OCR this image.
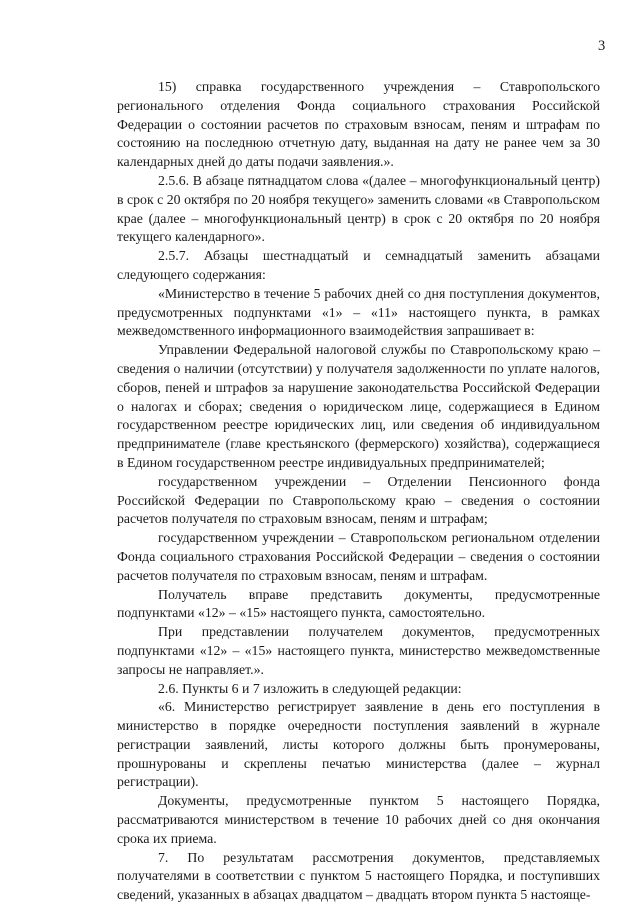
3

15) справка государственного учреждения – Ставропольского регионального отделения Фонда социального страхования Российской Федерации о состоянии расчетов по страховым взносам, пеням и штрафам по состоянию на последнюю отчетную дату, выданная на дату не ранее чем за 30 календарных дней до даты подачи заявления.».

2.5.6. В абзаце пятнадцатом слова «(далее – многофункциональный центр) в срок с 20 октября по 20 ноября текущего» заменить словами «в Ставропольском крае (далее – многофункциональный центр) в срок с 20 октября по 20 ноября текущего календарного».

2.5.7. Абзацы шестнадцатый и семнадцатый заменить абзацами следующего содержания:

«Министерство в течение 5 рабочих дней со дня поступления документов, предусмотренных подпунктами «1» – «11» настоящего пункта, в рамках межведомственного информационного взаимодействия запрашивает в:

Управлении Федеральной налоговой службы по Ставропольскому краю – сведения о наличии (отсутствии) у получателя задолженности по уплате налогов, сборов, пеней и штрафов за нарушение законодательства Российской Федерации о налогах и сборах; сведения о юридическом лице, содержащиеся в Едином государственном реестре юридических лиц, или сведения об индивидуальном предпринимателе (главе крестьянского (фермерского) хозяйства), содержащиеся в Едином государственном реестре индивидуальных предпринимателей;

государственном учреждении – Отделении Пенсионного фонда Российской Федерации по Ставропольскому краю – сведения о состоянии расчетов получателя по страховым взносам, пеням и штрафам;

государственном учреждении – Ставропольском региональном отделении Фонда социального страхования Российской Федерации – сведения о состоянии расчетов получателя по страховым взносам, пеням и штрафам.

Получатель вправе представить документы, предусмотренные подпунктами «12» – «15» настоящего пункта, самостоятельно.

При представлении получателем документов, предусмотренных подпунктами «12» – «15» настоящего пункта, министерство межведомственные запросы не направляет.».

2.6. Пункты 6 и 7 изложить в следующей редакции:

«6. Министерство регистрирует заявление в день его поступления в министерство в порядке очередности поступления заявлений в журнале регистрации заявлений, листы которого должны быть пронумерованы, прошнурованы и скреплены печатью министерства (далее – журнал регистрации).

Документы, предусмотренные пунктом 5 настоящего Порядка, рассматриваются министерством в течение 10 рабочих дней со дня окончания срока их приема.

7. По результатам рассмотрения документов, представляемых получателями в соответствии с пунктом 5 настоящего Порядка, и поступивших сведений, указанных в абзацах двадцатом – двадцать втором пункта 5 настояще-
